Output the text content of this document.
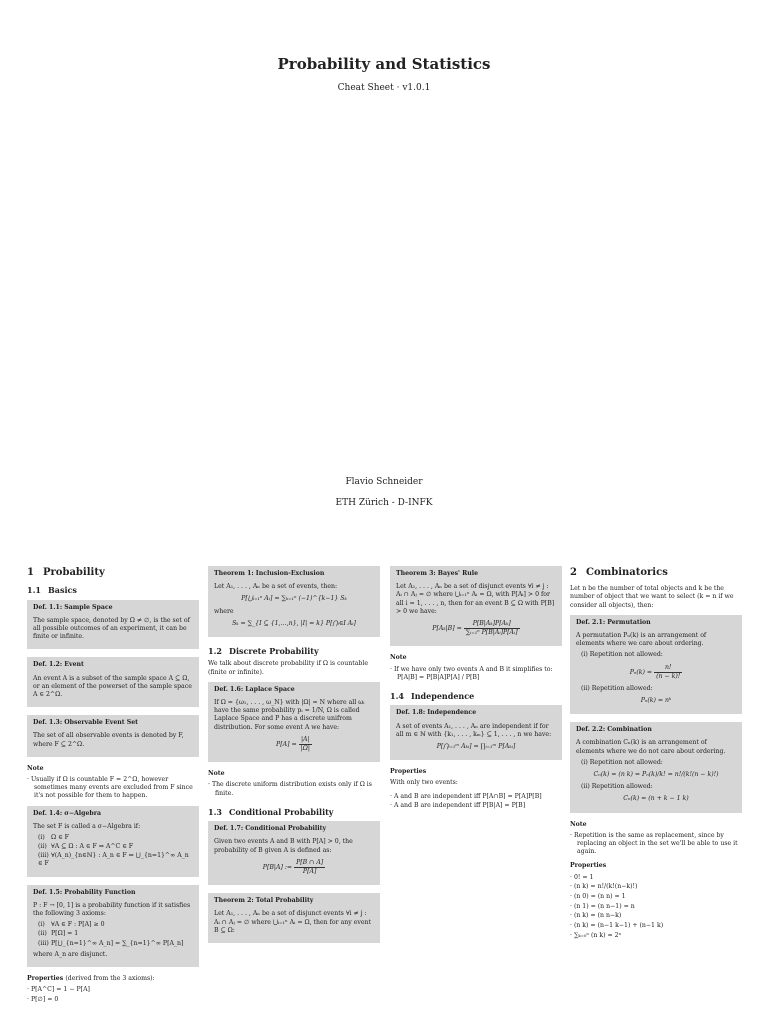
Probability and Statistics
Cheat Sheet · v1.0.1
Flavio Schneider
ETH Zürich - D-INFK
1 Probability
1.1 Basics
Def. 1.1: Sample Space
The sample space, denoted by Ω ≠ ∅, is the set of all possible outcomes of an experiment, it can be finite or infinite.
Def. 1.2: Event
An event A is a subset of the sample space A ⊆ Ω, or an element of the powerset of the sample space A ∈ 2^Ω.
Def. 1.3: Observable Event Set
The set of all observable events is denoted by F, where F ⊆ 2^Ω.
Note
· Usually if Ω is countable F = 2^Ω, however sometimes many events are excluded from F since it's not possible for them to happen.
Def. 1.4: σ−Algebra
The set F is called a σ−Algebra if:
(i) Ω ∈ F
(ii) ∀A ⊆ Ω : A ∈ F ⇒ A^C ∈ F
(iii) ∀(A_n)_{n∈ℕ} : A_n ∈ F ⇒ ⋃_{n=1}^∞ A_n ∈ F
Def. 1.5: Probability Function
P : F → [0, 1] is a probability function if it satisfies the following 3 axioms:
(i) ∀A ∈ F : P[A] ≥ 0
(ii) P[Ω] = 1
(iii) P[⋃_{n=1}^∞ A_n] = ∑_{n=1}^∞ P[A_n]
where A_n are disjunct.
Properties (derived from the 3 axioms):
· P[A^C] = 1 − P[A]
· P[∅] = 0
Theorem 1: Inclusion-Exclusion
Let A₁, . . . , Aₙ be a set of events, then:
P[⋃ᵢ₌₁ⁿ Aᵢ] = ∑ₖ₌₁ⁿ (−1)^{k−1} Sₖ
where
Sₖ = ∑_{I ⊆ {1,…,n}, |I| = k} P[⋂ᵢ∈I Aᵢ]
1.2 Discrete Probability
We talk about discrete probability if Ω is countable (finite or infinite).
Def. 1.6: Laplace Space
If Ω = {ω₁, . . . , ω_N} with |Ω| = N where all ωᵢ have the same probability pᵢ = 1/N, Ω is called Laplace Space and P has a discrete unifrom distribution. For some event A we have:
$P[A] = \frac{|A|}{|\Omega|}$
Note
· The discrete uniform distribution exists only if Ω is finite.
1.3 Conditional Probability
Def. 1.7: Conditional Probability
Given two events A and B with P[A] > 0, the probability of B given A is defined as:
P[B|A] := $\frac{P[B \cap A]}{P[A]}$
Theorem 2: Total Probability
Let A₁, . . . , Aₙ be a set of disjunct events ∀i ≠ j : Aᵢ ∩ Aⱼ = ∅ where ⋃ᵢ₌₁ⁿ Aᵢ = Ω, then for any event B ⊆ Ω:
Theorem 3: Bayes' Rule
Let A₁, . . . , Aₙ be a set of disjunct events ∀i ≠ j : Aᵢ ∩ Aⱼ = ∅ where ⋃ᵢ₌₁ⁿ Aᵢ = Ω, with P[Aᵢ] > 0 for all i = 1, . . . , n, then for an event B ⊆ Ω with P[B] > 0 we have:
$P[A_k|B] = \frac{\text{P[B|Aₖ]P[Aₖ]}}{\text{∑ᵢ₌₁ⁿ P[B|Aᵢ]P[Aᵢ]}}$
Note
· If we have only two events A and B it simplifies to: P[A|B] = P[B|A]P[A] / P[B]
1.4 Independence
Def. 1.8: Independence
A set of events A₁, . . . , Aₙ are independent if for all m ∈ ℕ with {k₁, . . . , kₘ} ⊆ 1, . . . , n we have:
P[⋂ᵢ₌₁ᵐ Aₖᵢ] = ∏ᵢ₌₁ᵐ P[Aₖᵢ]
Properties
With only two events:
· A and B are independent iff P[A∩B] = P[A]P[B]
· A and B are independent iff P[B|A] = P[B]
2 Combinatorics
Let n be the number of total objects and k be the number of object that we want to select (k = n if we consider all objects), then:
Def. 2.1: Permutation
A permutation Pₙ(k) is an arrangement of elements where we care about ordering.
(i) Repetition not allowed:
$P_n(k) = \frac{n!}{(n - k)!}$
(ii) Repetition allowed:
Pₙ(k) = nᵏ
Def. 2.2: Combination
A combination Cₙ(k) is an arrangement of elements where we do not care about ordering.
(i) Repetition not allowed:
Cₙ(k) = (n k) = Pₙ(k)/k! = n!/(k!(n − k)!)
(ii) Repetition allowed:
Cₙ(k) = (n + k − 1 k)
Note
· Repetition is the same as replacement, since by replacing an object in the set we'll be able to use it again.
Properties
· 0! = 1
· (n k) = n!/(k!(n−k)!)
· (n 0) = (n n) = 1
· (n 1) = (n n−1) = n
· (n k) = (n n−k)
· (n k) = (n−1 k−1) + (n−1 k)
· ∑ₖ₌₀ⁿ (n k) = 2ⁿ
